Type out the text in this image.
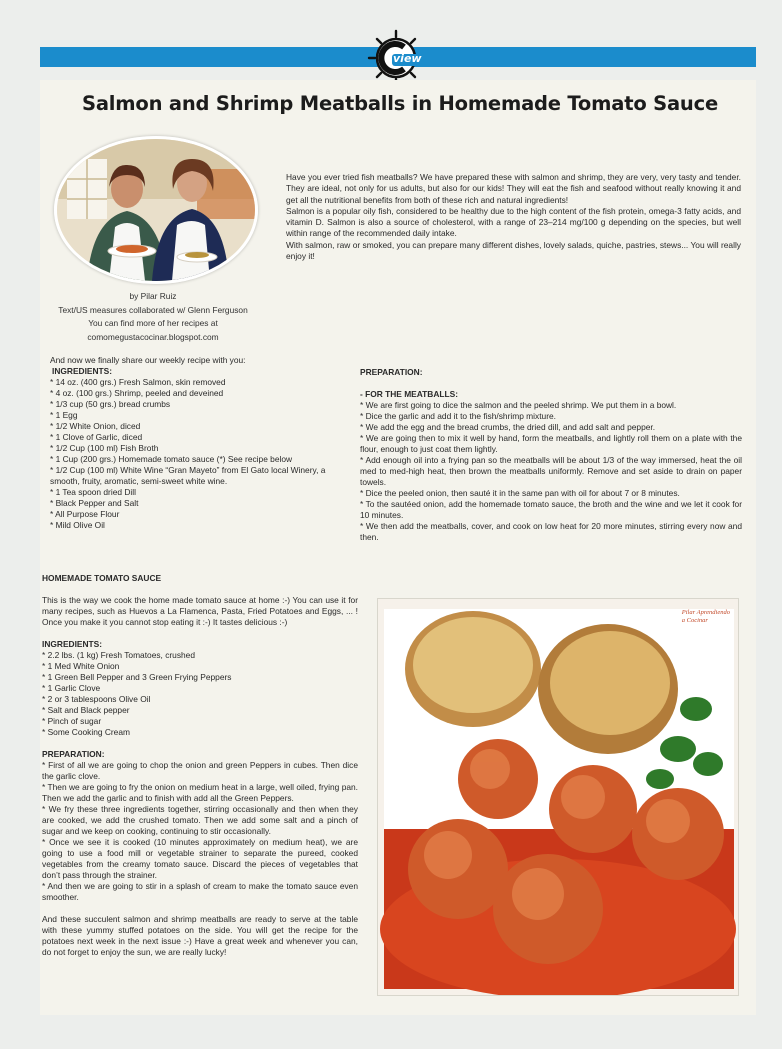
view
Salmon and Shrimp Meatballs in Homemade Tomato Sauce
by Pilar Ruiz
Text/US measures collaborated w/ Glenn Ferguson
You can find more of her recipes at
comomegustacocinar.blogspot.com

Have you ever tried fish meatballs? We have prepared these with salmon and shrimp, they are very, very tasty and tender. They are ideal, not only for us adults, but also for our kids! They will eat the fish and seafood without really knowing it and get all the nutritional benefits from both of these rich and natural ingredients!

Salmon is a popular oily fish, considered to be healthy due to the high content of the fish protein, omega-3 fatty acids, and vitamin D. Salmon is also a source of cholesterol, with a range of 23–214 mg/100 g depending on the species, but well within range of the recommended daily intake.

With salmon, raw or smoked, you can prepare many different dishes, lovely salads, quiche, pastries, stews... You will really enjoy it!

And now we finally share our weekly recipe with you:

INGREDIENTS:

* 14 oz. (400 grs.) Fresh Salmon, skin removed

* 4 oz. (100 grs.) Shrimp, peeled and deveined

* 1/3 cup (50 grs.) bread crumbs

* 1 Egg

* 1/2 White Onion, diced

* 1 Clove of Garlic, diced

* 1/2 Cup (100 ml) Fish Broth

* 1 Cup (200 grs.) Homemade tomato sauce (*) See recipe below

* 1/2 Cup (100 ml) White Wine “Gran Mayeto” from El Gato local Winery, a smooth, fruity, aromatic, semi-sweet white wine.

* 1 Tea spoon dried Dill

* Black Pepper and Salt

* All Purpose Flour

* Mild Olive Oil

PREPARATION:

- FOR THE MEATBALLS:

* We are first going to dice the salmon and the peeled shrimp. We put them in a bowl.

* Dice the garlic and add it to the fish/shrimp mixture.

* We add the egg and the bread crumbs, the dried dill, and add salt and pepper.

* We are going then to mix it well by hand, form the meatballs, and lightly roll them on a plate with the flour, enough to just coat them lightly.

* Add enough oil into a frying pan so the meatballs will be about 1/3 of the way immersed, heat the oil med to med-high heat, then brown the meatballs uniformly. Remove and set aside to drain on paper towels.

* Dice the peeled onion, then sauté it in the same pan with oil for about 7 or 8 minutes.

* To the sautéed onion, add the homemade tomato sauce, the broth and the wine and we let it cook for 10 minutes.

* We then add the meatballs, cover, and cook on low heat for 20 more minutes, stirring every now and then.

HOMEMADE TOMATO SAUCE

This is the way we cook the home made tomato sauce at home :-) You can use it for many recipes, such as Huevos a La Flamenca, Pasta, Fried Potatoes and Eggs, ... ! Once you make it you cannot stop eating it :-) It tastes delicious :-)

INGREDIENTS:

* 2.2 lbs. (1 kg) Fresh Tomatoes, crushed

* 1 Med White Onion

* 1 Green Bell Pepper and 3 Green Frying Peppers

* 1 Garlic Clove

* 2 or 3 tablespoons Olive Oil

* Salt and Black pepper

* Pinch of sugar

* Some Cooking Cream

PREPARATION:

* First of all we are going to chop the onion and green Peppers in cubes. Then dice the garlic clove.

* Then we are going to fry the onion on medium heat in a large, well oiled, frying pan. Then we add the garlic and to finish with add all the Green Peppers.

* We fry these three ingredients together, stirring occasionally and then when they are cooked, we add the crushed tomato. Then we add some salt and a pinch of sugar and we keep on cooking, continuing to stir occasionally.

* Once we see it is cooked (10 minutes approximately on medium heat), we are going to use a food mill or vegetable strainer to separate the pureed, cooked vegetables from the creamy tomato sauce. Discard the pieces of vegetables that don’t pass through the strainer.

* And then we are going to stir in a splash of cream to make the tomato sauce even smoother.

And these succulent salmon and shrimp meatballs are ready to serve at the table with these yummy stuffed potatoes on the side. You will get the recipe for the potatoes next week in the next issue :-) Have a great week and whenever you can, do not forget to enjoy the sun, we are really lucky!

Pilar Aprendiendo
a Cocinar
